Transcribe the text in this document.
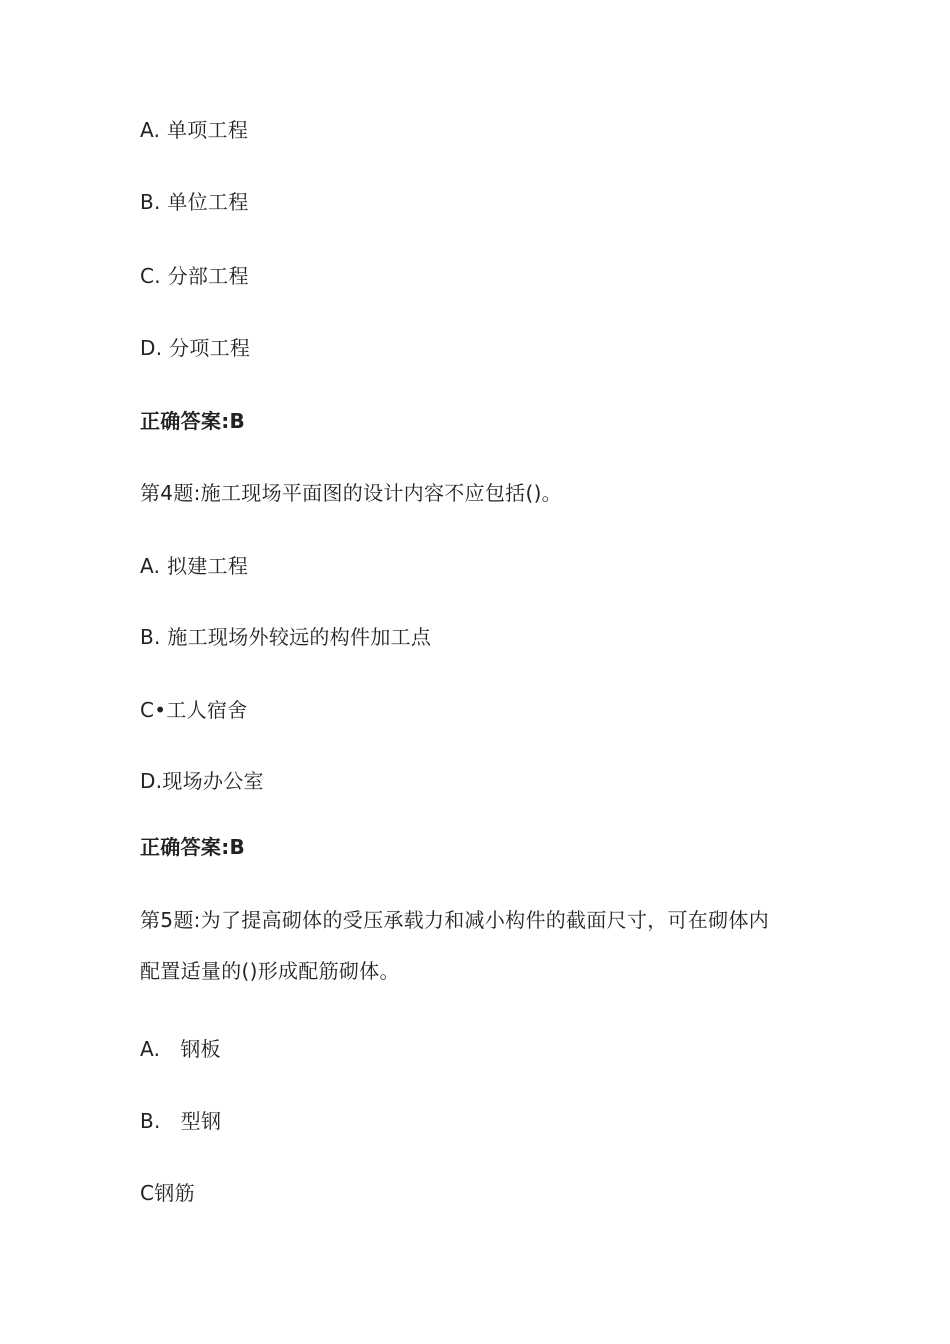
A. 单项工程
B. 单位工程
C. 分部工程
D. 分项工程
正确答案:B
第4题:施工现场平面图的设计内容不应包括()。
A. 拟建工程
B. 施工现场外较远的构件加工点
C•工人宿舍
D.现场办公室
正确答案:B
第5题:为了提高砌体的受压承载力和减小构件的截面尺寸，可在砌体内
配置适量的()形成配筋砌体。
A.   钢板
B.   型钢
C钢筋
